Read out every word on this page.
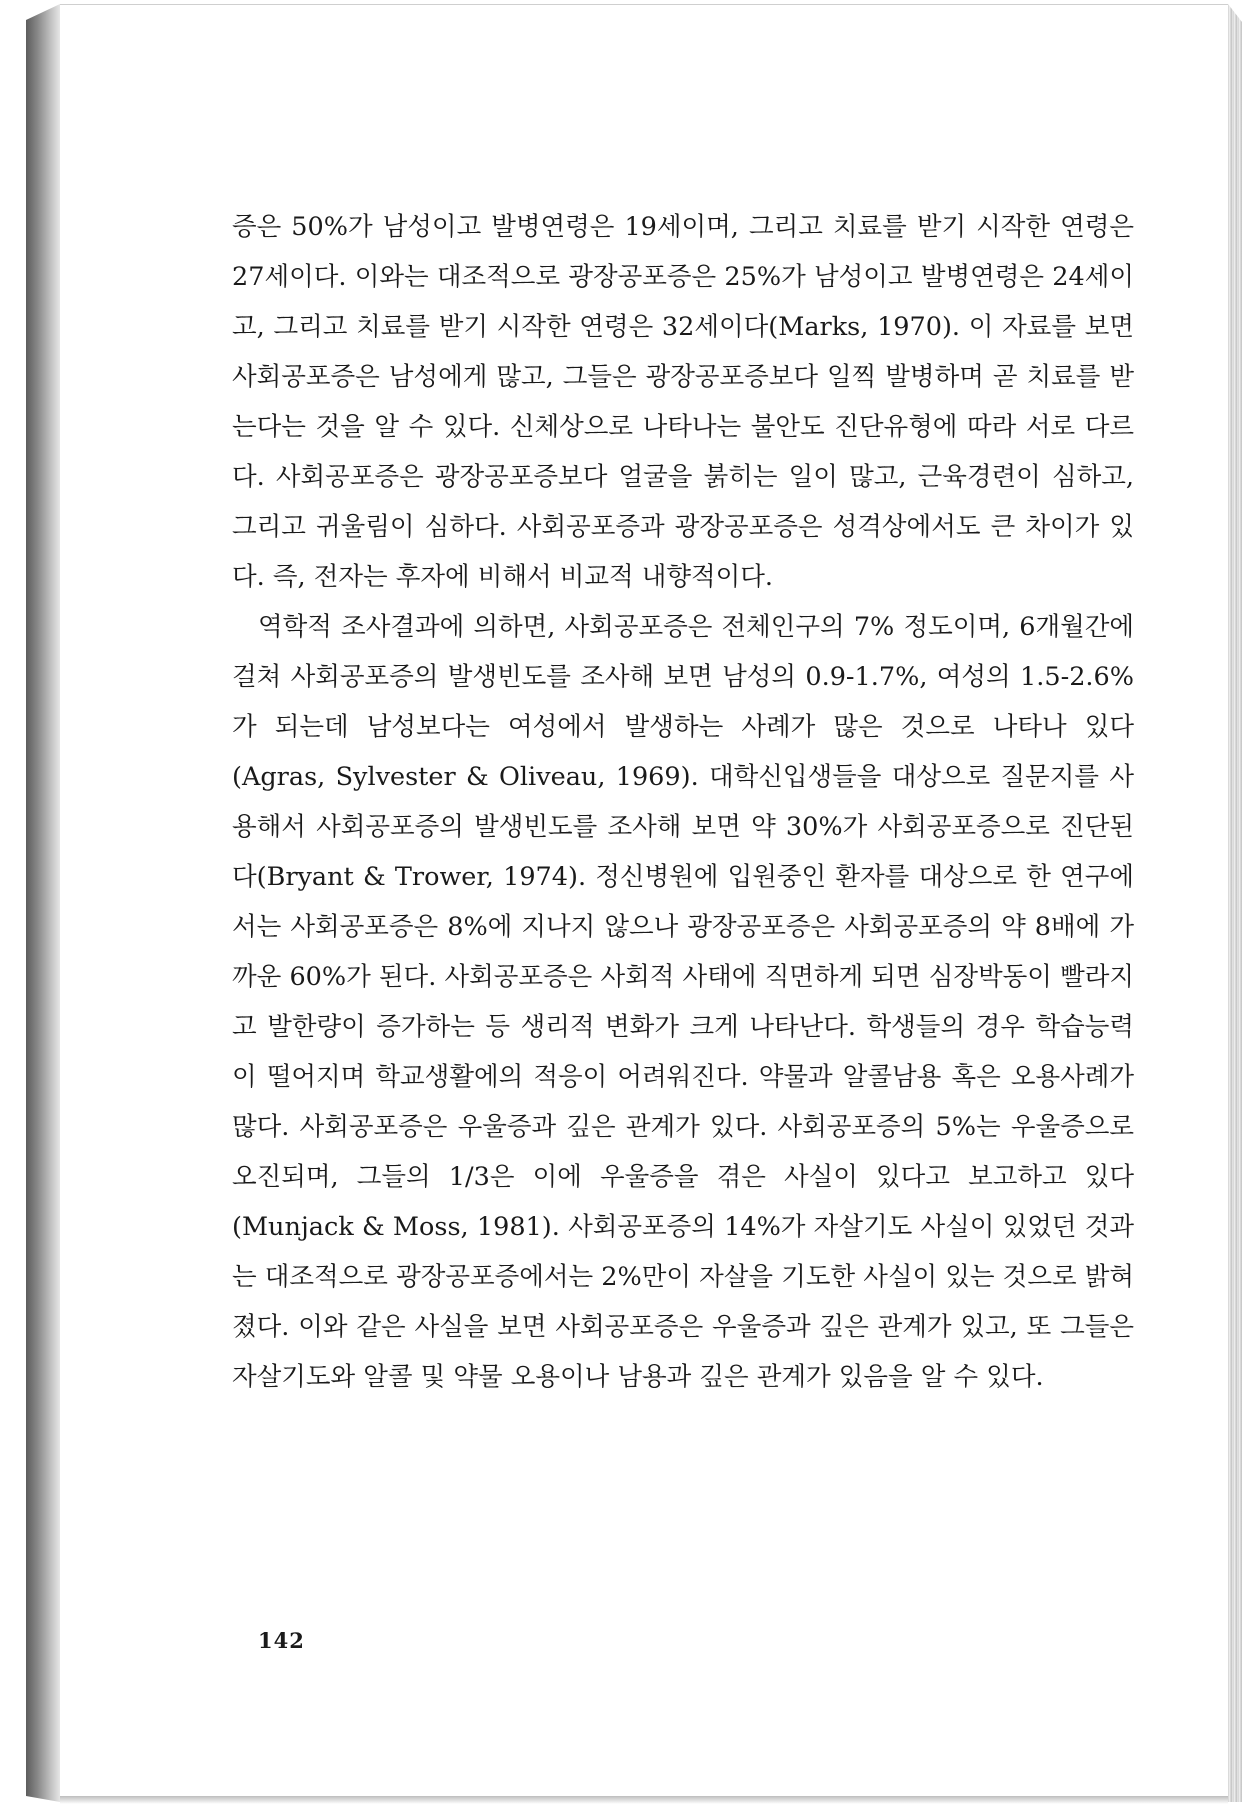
증은 50%가 남성이고 발병연령은 19세이며, 그리고 치료를 받기 시작한 연령은 27세이다. 이와는 대조적으로 광장공포증은 25%가 남성이고 발병연령은 24세이고, 그리고 치료를 받기 시작한 연령은 32세이다(Marks, 1970). 이 자료를 보면 사회공포증은 남성에게 많고, 그들은 광장공포증보다 일찍 발병하며 곧 치료를 받는다는 것을 알 수 있다. 신체상으로 나타나는 불안도 진단유형에 따라 서로 다르다. 사회공포증은 광장공포증보다 얼굴을 붉히는 일이 많고, 근육경련이 심하고, 그리고 귀울림이 심하다. 사회공포증과 광장공포증은 성격상에서도 큰 차이가 있다. 즉, 전자는 후자에 비해서 비교적 내향적이다.

역학적 조사결과에 의하면, 사회공포증은 전체인구의 7% 정도이며, 6개월간에 걸쳐 사회공포증의 발생빈도를 조사해 보면 남성의 0.9-1.7%, 여성의 1.5-2.6%가 되는데 남성보다는 여성에서 발생하는 사례가 많은 것으로 나타나 있다(Agras, Sylvester & Oliveau, 1969). 대학신입생들을 대상으로 질문지를 사용해서 사회공포증의 발생빈도를 조사해 보면 약 30%가 사회공포증으로 진단된다(Bryant & Trower, 1974). 정신병원에 입원중인 환자를 대상으로 한 연구에서는 사회공포증은 8%에 지나지 않으나 광장공포증은 사회공포증의 약 8배에 가까운 60%가 된다. 사회공포증은 사회적 사태에 직면하게 되면 심장박동이 빨라지고 발한량이 증가하는 등 생리적 변화가 크게 나타난다. 학생들의 경우 학습능력이 떨어지며 학교생활에의 적응이 어려워진다. 약물과 알콜남용 혹은 오용사례가 많다. 사회공포증은 우울증과 깊은 관계가 있다. 사회공포증의 5%는 우울증으로 오진되며, 그들의 1/3은 이에 우울증을 겪은 사실이 있다고 보고하고 있다(Munjack & Moss, 1981). 사회공포증의 14%가 자살기도 사실이 있었던 것과는 대조적으로 광장공포증에서는 2%만이 자살을 기도한 사실이 있는 것으로 밝혀졌다. 이와 같은 사실을 보면 사회공포증은 우울증과 깊은 관계가 있고, 또 그들은 자살기도와 알콜 및 약물 오용이나 남용과 깊은 관계가 있음을 알 수 있다.

142
